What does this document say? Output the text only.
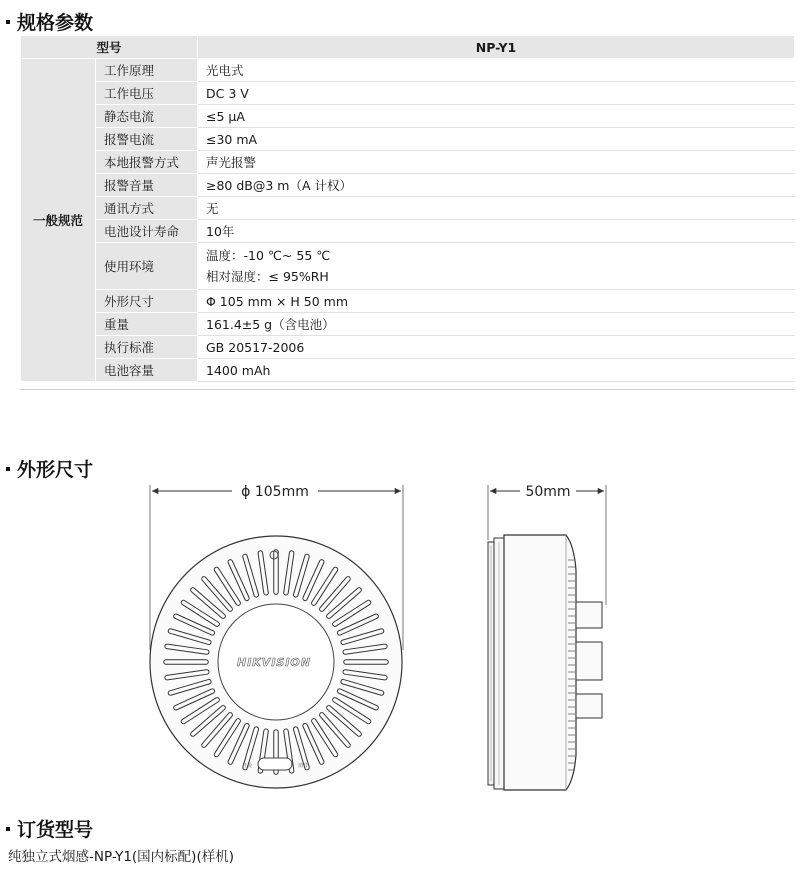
规格参数
型号		NP-Y1
一般规范	工作原理	光电式
	工作电压	DC 3 V
	静态电流	≤5 μA
	报警电流	≤30 mA
	本地报警方式	声光报警
	报警音量	≥80 dB@3 m（A 计权）
	通讯方式	无
	电池设计寿命	10年
	使用环境	温度：-10 ℃~ 55 ℃
相对湿度：≤ 95%RH

	外形尺寸	Φ 105 mm × H 50 mm
	重量	161.4±5 g（含电池）
	执行标准	GB 20517-2006
	电池容量	1400 mAh
外形尺寸
ϕ 105mm
HIKVISION
自检	消音
50mm
订货型号
纯独立式烟感-NP-Y1(国内标配)(样机)
